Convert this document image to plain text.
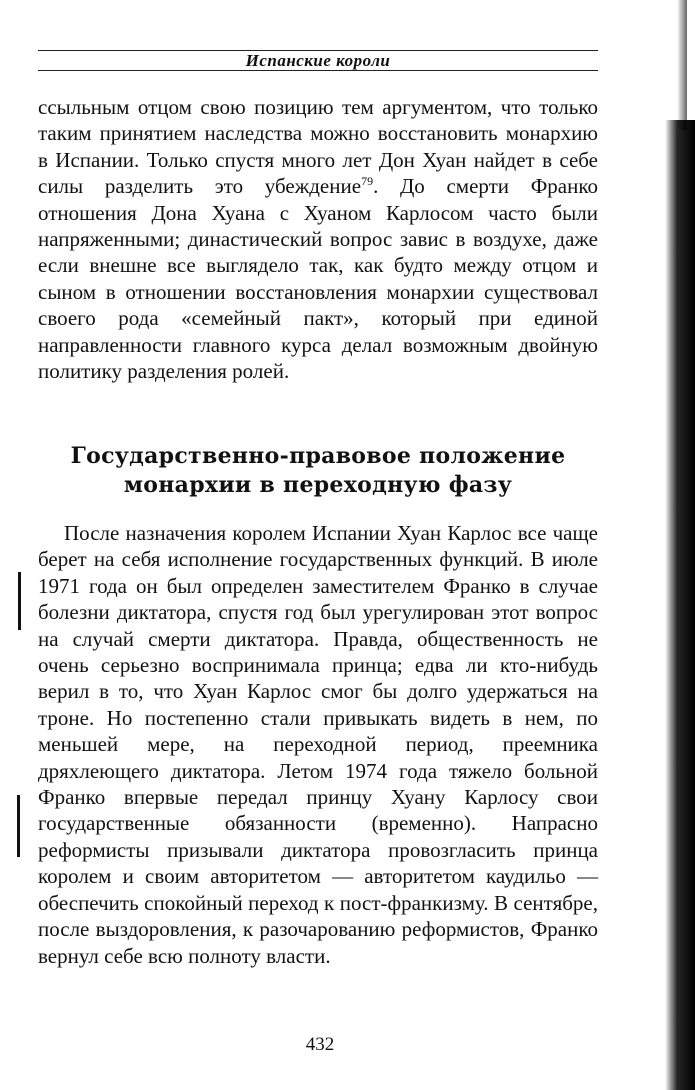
Испанские короли

ссыльным отцом свою позицию тем аргументом, что только таким принятием наследства можно восстановить монархию в Испании. Только спустя много лет Дон Хуан найдет в себе силы разделить это убеждение$^{79}$. До смерти Франко отношения Дона Хуана с Хуаном Карлосом часто были напряженными; династический вопрос завис в воздухе, даже если внешне все выглядело так, как будто между отцом и сыном в отношении восстановления монархии существовал своего рода «семейный пакт», который при единой направленности главного курса делал возможным двойную политику разделения ролей.

Государственно-правовое положение
монархии в переходную фазу

После назначения королем Испании Хуан Карлос все чаще берет на себя исполнение государственных функций. В июле 1971 года он был определен заместителем Франко в случае болезни диктатора, спустя год был урегулирован этот вопрос на случай смерти диктатора. Правда, общественность не очень серьезно воспринимала принца; едва ли кто-нибудь верил в то, что Хуан Карлос смог бы долго удержаться на троне. Но постепенно стали привыкать видеть в нем, по меньшей мере, на переходной период, преемника дряхлеющего диктатора. Летом 1974 года тяжело больной Франко впервые передал принцу Хуану Карлосу свои государственные обязанности (временно). Напрасно реформисты призывали диктатора провозгласить принца королем и своим авторитетом — авторитетом каудильо — обеспечить спокойный переход к пост-франкизму. В сентябре, после выздоровления, к разочарованию реформистов, Франко вернул себе всю полноту власти.

432
